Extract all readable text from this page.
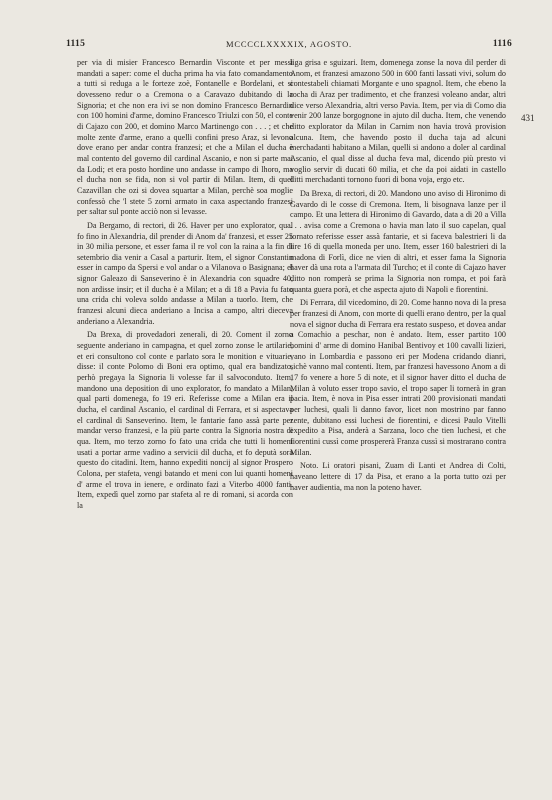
1115	MCCCCLXXXXIX, AGOSTO.	1116
431

per via di misier Francesco Bernardin Visconte et per messi mandati a saper: come el ducha prima ha via fato comandamento a tutti si reduga a le forteze zoè, Fontanelle e Bordelani, et si dovesseno redur o a Cremona o a Caravazo dubitando di la Signoria; et che non era ivi se non domino Francesco Bernardin con 100 homini d'arme, domino Francesco Triulzi con 50, el conte di Cajazo con 200, et domino Marco Martinengo con . . . ; et che molte zente d'arme, erano a quelli confini preso Araz, si levono dove erano per andar contra franzesi; et che a Milan el ducha è mal contento del governo dil cardinal Ascanio, e non si parte mai da Lodi; et era posto hordine uno andasse in campo di lhoro, ma el ducha non se fida, non si vol partir di Milan. Item, di quel Cazavillan che ozi si dovea squartar a Milan, perchè soa moglie confessò che 'l stete 5 zorni armato in caxa aspectando franzesi per saltar sul ponte acciò non si levasse.

Da Bergamo, di rectori, di 26. Haver per uno explorator, qual fo fino in Alexandria, dil prender di Anom da' franzesi, et esser 25 in 30 milia persone, et esser fama il re vol con la raina a la fin di setembrio dia venir a Casal a parturir. Item, el signor Constantin esser in campo da Spersi e vol andar o a Vilanova o Basignana; el signor Galeazo di Sanseverino è in Alexandria con squadre 40, non ardisse insir; et il ducha è a Milan; et a di 18 a Pavia fu fato una crida chi voleva soldo andasse a Milan a tuorlo. Item, che franzesi alcuni dieca anderiano a Incisa a campo, altri dieceva anderiano a Alexandria.

Da Brexa, di provedadori zenerali, di 20. Coment il zorno seguente anderiano in campagna, et quel zorno zonse le artilarie, et eri consultono col conte e parlato sora le monition e vituarie, disse: il conte Polomo di Boni era optimo, qual era bandizato, perhò pregaya la Signoria li volesse far il salvoconduto. Item, mandono una deposition di uno explorator, fo mandato a Milan, qual parti domenega, fo 19 eri. Referisse come a Milan era il ducha, el cardinal Ascanio, el cardinal di Ferrara, et si aspectava el cardinal di Sanseverino. Item, le fantarie fano assà parte per mandar verso franzesi, e la più parte contra la Signoria nostra di qua. Item, mo terzo zorno fo fato una crida che tutti li homeni usati a portar arme vadino a servicii dil ducha, et fo deputà sora questo do citadini. Item, hanno expediti noncij al signor Prospero Colona, per stafeta, vengi batando et meni con lui quanti homeni d' arme el trova in ienere, e ordinato fazi a Viterbo 4000 fanti. Item, expedì quel zorno par stafeta al re di romani, si acorda con la

liga grisa e sguizari. Item, domenega zonse la nova dil perder di Anom, et franzesi amazono 500 in 600 fanti lassati vivi, solum do contestabeli chiamati Morgante e uno spagnol. Item, che ebeno la rocha di Araz per tradimento, et che franzesi voleano andar, altri dice verso Alexandria, altri verso Pavia. Item, per via di Como dia venir 200 lanze borgognone in ajuto dil ducha. Item, che venendo ditto explorator da Milan in Carnim non havia trovà provision alcuna. Item, che havendo posto il ducha taja ad alcuni merchadanti habitano a Milan, quelli si andono a doler al cardinal Ascanio, el qual disse al ducha feva mal, dicendo più presto vi voglio servir di ducati 60 milia, et che da poi aidati in castello ditti merchadanti tornono fuori di bona voja, ergo etc.

Da Brexa, di rectori, di 20. Mandono uno aviso di Hironimo di Gavardo di le cosse di Cremona. Item, li bisognava lanze per il campo. Et una lettera di Hironimo di Gavardo, data a di 20 a Villa . . . avisa come a Cremona o havia man lato il suo capelan, qual tornato referisse esser assà fantarie, et si faceva balestrieri li da lire 16 di quella moneda per uno. Item, esser 160 balestrieri di la madona di Forlì, dice ne vien di altri, et esser fama la Signoria haver dà una rota a l'armata dil Turcho; et il conte di Cajazo haver ditto non romperà se prima la Signoria non rompa, et poi farà quanta guera porà, et che aspecta ajuto di Napoli e fiorentini.

Di Ferrara, dil vicedomino, di 20. Come hanno nova di la presa per franzesi di Anom, con morte di quelli erano dentro, per la qual nova el signor ducha di Ferrara era restato suspeso, et dovea andar a Comachio a peschar, non è andato. Item, esser partito 100 homini d' arme di domino Hanibal Bentivoy et 100 cavalli lizieri, vano in Lombardia e passono eri per Modena cridando dianri, sichè vanno mal contenti. Item, par franzesi havessono Anom a di 17 fo venere a hore 5 di note, et il signor haver ditto el ducha de Milan à voluto esser tropo savio, el tropo saper li tornerà in gran pacia. Item, è nova in Pisa esser intrati 200 provisionati mandati per luchesi, quali li danno favor, licet non mostrino par fanno zente, dubitano essi luchesi de fiorentini, e dicesi Paulo Vitelli expedito a Pisa, anderà a Sarzana, loco che tien luchesi, et che fiorentini cussì come prospererà Franza cussì si mostrarano contra Milan.

Noto. Li oratori pisani, Zuam di Lanti et Andrea di Colti, haveano lettere di 17 da Pisa, et erano a la porta tutto ozi per haver audientia, ma non la poteno haver.
